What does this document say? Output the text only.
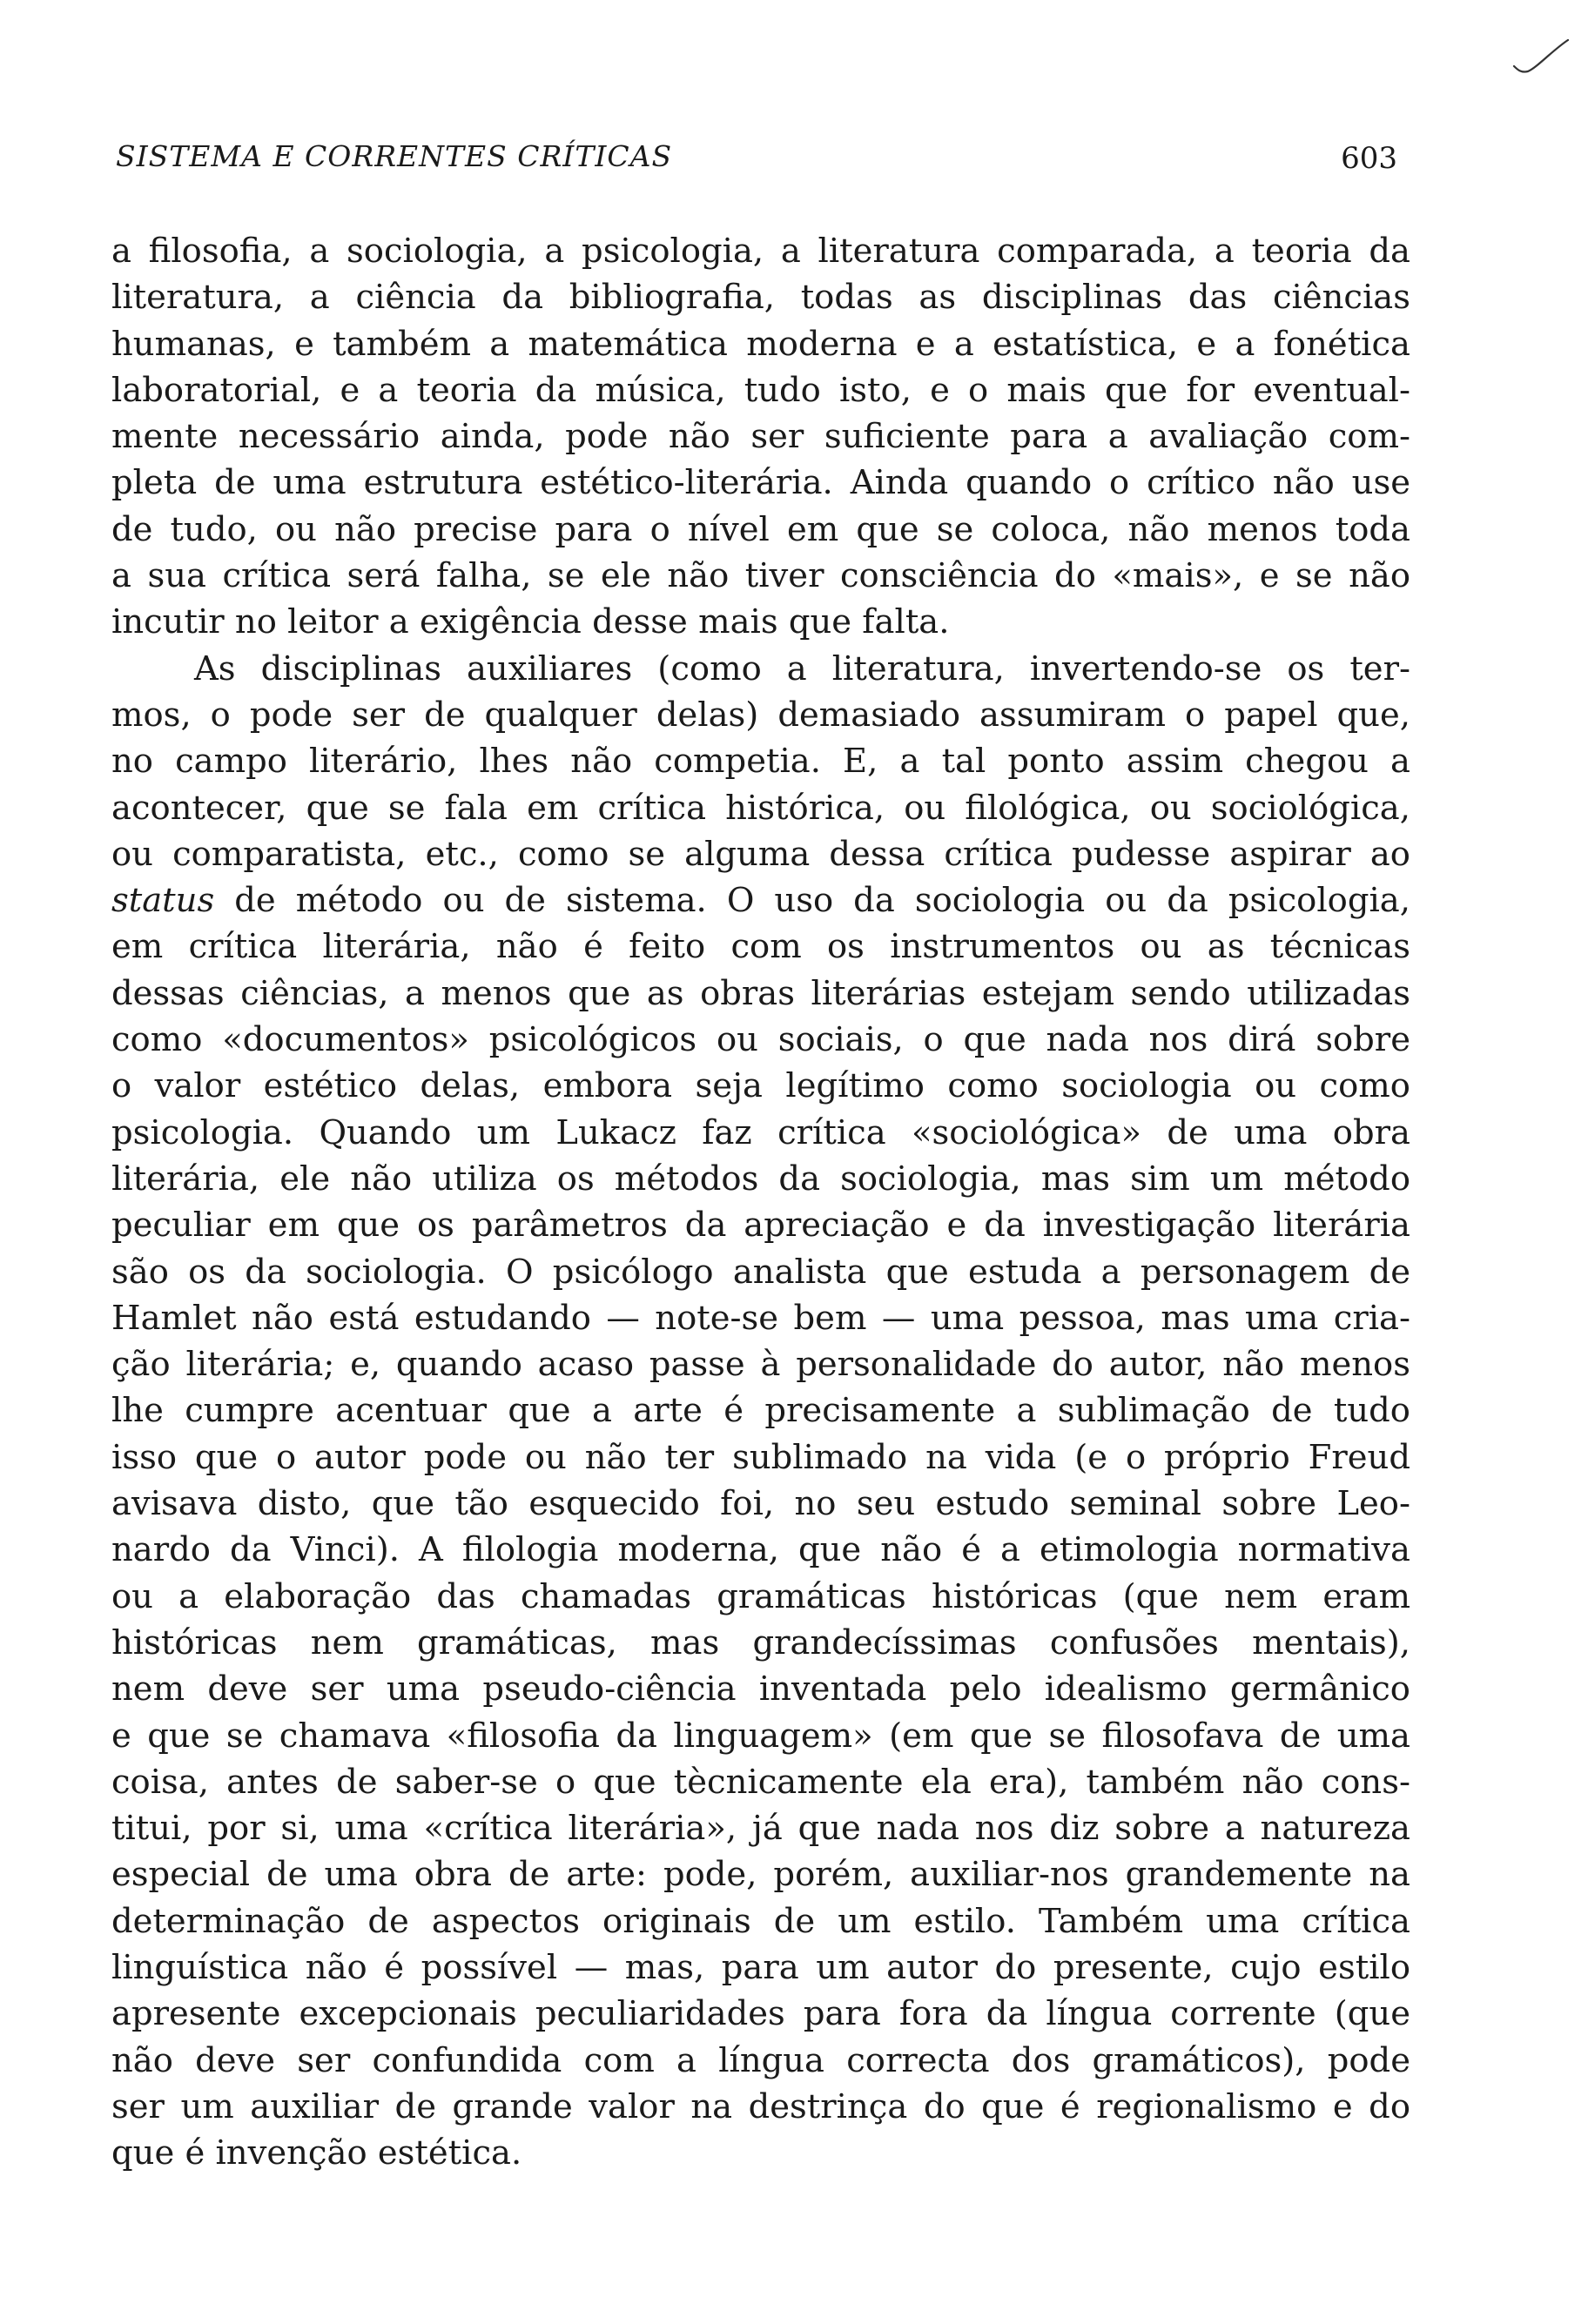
SISTEMA E CORRENTES CRÍTICAS	603
a filosofia, a sociologia, a psicologia, a literatura comparada, a teoria da
literatura, a ciência da bibliografia, todas as disciplinas das ciências
humanas, e também a matemática moderna e a estatística, e a fonética
laboratorial, e a teoria da música, tudo isto, e o mais que for eventual-
mente necessário ainda, pode não ser suficiente para a avaliação com-
pleta de uma estrutura estético-literária. Ainda quando o crítico não use
de tudo, ou não precise para o nível em que se coloca, não menos toda
a sua crítica será falha, se ele não tiver consciência do «mais», e se não
incutir no leitor a exigência desse mais que falta.
As disciplinas auxiliares (como a literatura, invertendo-se os ter-
mos, o pode ser de qualquer delas) demasiado assumiram o papel que,
no campo literário, lhes não competia. E, a tal ponto assim chegou a
acontecer, que se fala em crítica histórica, ou filológica, ou sociológica,
ou comparatista, etc., como se alguma dessa crítica pudesse aspirar ao
status de método ou de sistema. O uso da sociologia ou da psicologia,
em crítica literária, não é feito com os instrumentos ou as técnicas
dessas ciências, a menos que as obras literárias estejam sendo utilizadas
como «documentos» psicológicos ou sociais, o que nada nos dirá sobre
o valor estético delas, embora seja legítimo como sociologia ou como
psicologia. Quando um Lukacz faz crítica «sociológica» de uma obra
literária, ele não utiliza os métodos da sociologia, mas sim um método
peculiar em que os parâmetros da apreciação e da investigação literária
são os da sociologia. O psicólogo analista que estuda a personagem de
Hamlet não está estudando — note-se bem — uma pessoa, mas uma cria-
ção literária; e, quando acaso passe à personalidade do autor, não menos
lhe cumpre acentuar que a arte é precisamente a sublimação de tudo
isso que o autor pode ou não ter sublimado na vida (e o próprio Freud
avisava disto, que tão esquecido foi, no seu estudo seminal sobre Leo-
nardo da Vinci). A filologia moderna, que não é a etimologia normativa
ou a elaboração das chamadas gramáticas históricas (que nem eram
históricas nem gramáticas, mas grandecíssimas confusões mentais),
nem deve ser uma pseudo-ciência inventada pelo idealismo germânico
e que se chamava «filosofia da linguagem» (em que se filosofava de uma
coisa, antes de saber-se o que tècnicamente ela era), também não cons-
titui, por si, uma «crítica literária», já que nada nos diz sobre a natureza
especial de uma obra de arte: pode, porém, auxiliar-nos grandemente na
determinação de aspectos originais de um estilo. Também uma crítica
linguística não é possível — mas, para um autor do presente, cujo estilo
apresente excepcionais peculiaridades para fora da língua corrente (que
não deve ser confundida com a língua correcta dos gramáticos), pode
ser um auxiliar de grande valor na destrinça do que é regionalismo e do
que é invenção estética.
